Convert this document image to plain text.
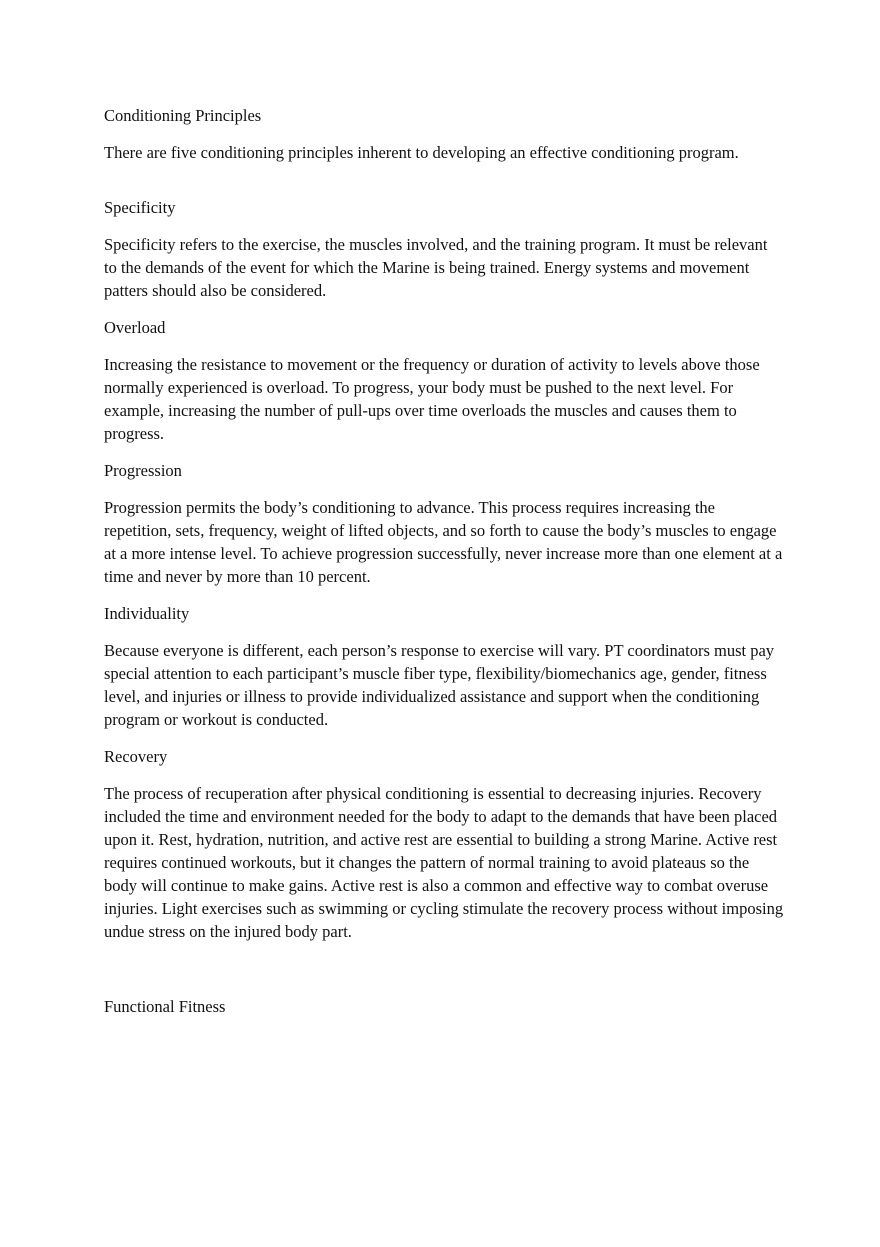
Conditioning Principles

There are five conditioning principles inherent to developing an effective conditioning program.

Specificity

Specificity refers to the exercise, the muscles involved, and the training program. It must be relevant to the demands of the event for which the Marine is being trained. Energy systems and movement patters should also be considered.

Overload

Increasing the resistance to movement or the frequency or duration of activity to levels above those normally experienced is overload. To progress, your body must be pushed to the next level. For example, increasing the number of pull-ups over time overloads the muscles and causes them to progress.

Progression

Progression permits the body’s conditioning to advance. This process requires increasing the repetition, sets, frequency, weight of lifted objects, and so forth to cause the body’s muscles to engage at a more intense level. To achieve progression successfully, never increase more than one element at a time and never by more than 10 percent.

Individuality

Because everyone is different, each person’s response to exercise will vary. PT coordinators must pay special attention to each participant’s muscle fiber type, flexibility/biomechanics age, gender, fitness level, and injuries or illness to provide individualized assistance and support when the conditioning program or workout is conducted.

Recovery

The process of recuperation after physical conditioning is essential to decreasing injuries. Recovery included the time and environment needed for the body to adapt to the demands that have been placed upon it. Rest, hydration, nutrition, and active rest are essential to building a strong Marine. Active rest requires continued workouts, but it changes the pattern of normal training to avoid plateaus so the body will continue to make gains. Active rest is also a common and effective way to combat overuse injuries. Light exercises such as swimming or cycling stimulate the recovery process without imposing undue stress on the injured body part.

Functional Fitness
